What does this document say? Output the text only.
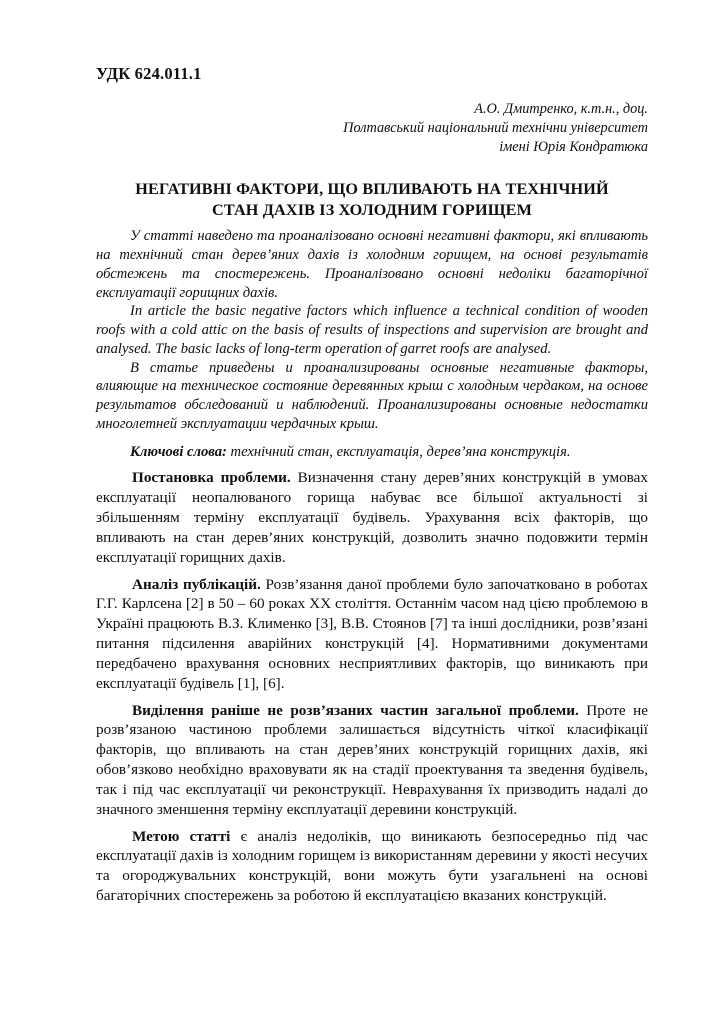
УДК 624.011.1
А.О. Дмитренко, к.т.н., доц.
Полтавський національний технічни університет
імені Юрія Кондратюка
НЕГАТИВНІ ФАКТОРИ, ЩО ВПЛИВАЮТЬ НА ТЕХНІЧНИЙ
СТАН ДАХІВ ІЗ ХОЛОДНИМ ГОРИЩЕМ

У статті наведено та проаналізовано основні негативні фактори, які впливають на технічний стан дерев’яних дахів із холодним горищем, на основі результатів обстежень та спостережень. Проаналізовано основні недоліки багаторічної експлуатації горищних дахів.

In article the basic negative factors which influence a technical condition of wooden roofs with a cold attic on the basis of results of inspections and supervision are brought and analysed. The basic lacks of long-term operation of garret roofs are analysed.

В статье приведены и проанализированы основные негативные факторы, влияющие на техническое состояние деревянных крыш с холодным чердаком, на основе результатов обследований и наблюдений. Проанализированы основные недостатки многолетней эксплуатации чердачных крыш.

Ключові слова: технічний стан, експлуатація, дерев’яна конструкція.

Постановка проблеми. Визначення стану дерев’яних конструкцій в умовах експлуатації неопалюваного горища набуває все більшої актуальності зі збільшенням терміну експлуатації будівель. Урахування всіх факторів, що впливають на стан дерев’яних конструкцій, дозволить значно подовжити термін експлуатації горищних дахів.

Аналіз публікацій. Розв’язання даної проблеми було започатковано в роботах Г.Г. Карлсена [2] в 50 – 60 роках ХХ століття. Останнім часом над цією проблемою в Україні працюють В.З. Клименко [3], В.В. Стоянов [7] та інші дослідники, розв’язані питання підсилення аварійних конструкцій [4]. Нормативними документами передбачено врахування основних несприятливих факторів, що виникають при експлуатації будівель [1], [6].

Виділення раніше не розв’язаних частин загальної проблеми. Проте не розв’язаною частиною проблеми залишається відсутність чіткої класифікації факторів, що впливають на стан дерев’яних конструкцій горищних дахів, які обов’язково необхідно враховувати як на стадії проектування та зведення будівель, так і під час експлуатації чи реконструкції. Неврахування їх призводить надалі до значного зменшення терміну експлуатації деревини конструкцій.

Метою статті є аналіз недоліків, що виникають безпосередньо під час експлуатації дахів із холодним горищем із використанням деревини у якості несучих та огороджувальних конструкцій, вони можуть бути узагальнені на основі багаторічних спостережень за роботою й експлуатацією вказаних конструкцій.
